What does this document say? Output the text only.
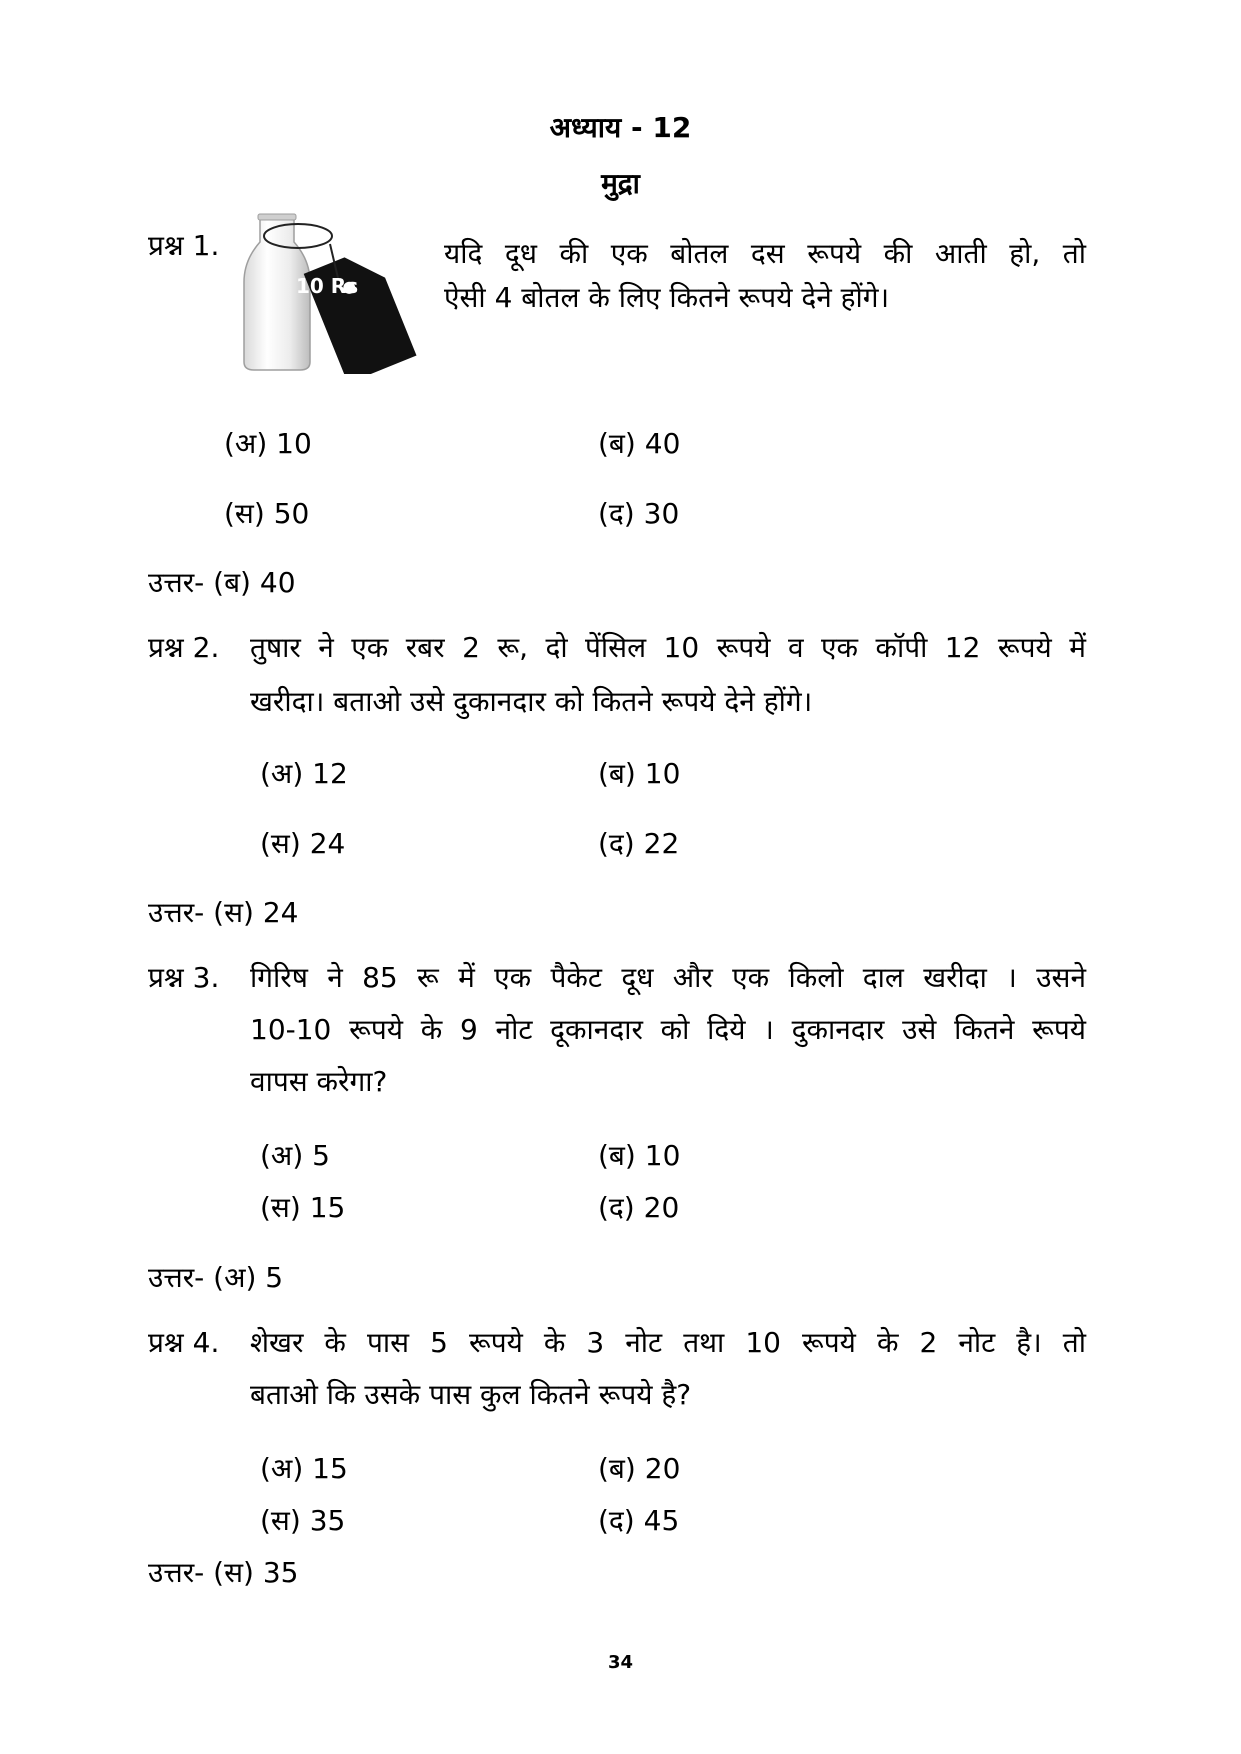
अध्याय - 12
मुद्रा
प्रश्न 1.
10 Rs
यदि दूध की एक बोतल दस रूपये की आती हो, तो
ऐसी 4 बोतल के लिए कितने रूपये देने होंगे।
(अ) 10	(ब) 40
(स) 50	(द) 30
उत्तर- (ब) 40
प्रश्न 2. तुषार ने एक रबर 2 रू, दो पेंसिल 10 रूपये व एक कॉपी 12 रूपये में
खरीदा। बताओ उसे दुकानदार को कितने रूपये देने होंगे।
(अ) 12	(ब) 10
(स) 24	(द) 22
उत्तर- (स) 24
प्रश्न 3. गिरिष ने 85 रू में एक पैकेट दूध और एक किलो दाल खरीदा । उसने
10-10 रूपये के 9 नोट दूकानदार को दिये । दुकानदार उसे कितने रूपये
वापस करेगा?
(अ) 5	(ब) 10
(स) 15	(द) 20
उत्तर- (अ) 5
प्रश्न 4. शेखर के पास 5 रूपये के 3 नोट तथा 10 रूपये के 2 नोट है। तो
बताओ कि उसके पास कुल कितने रूपये है?
(अ) 15	(ब) 20
(स) 35	(द) 45
उत्तर- (स) 35
34
